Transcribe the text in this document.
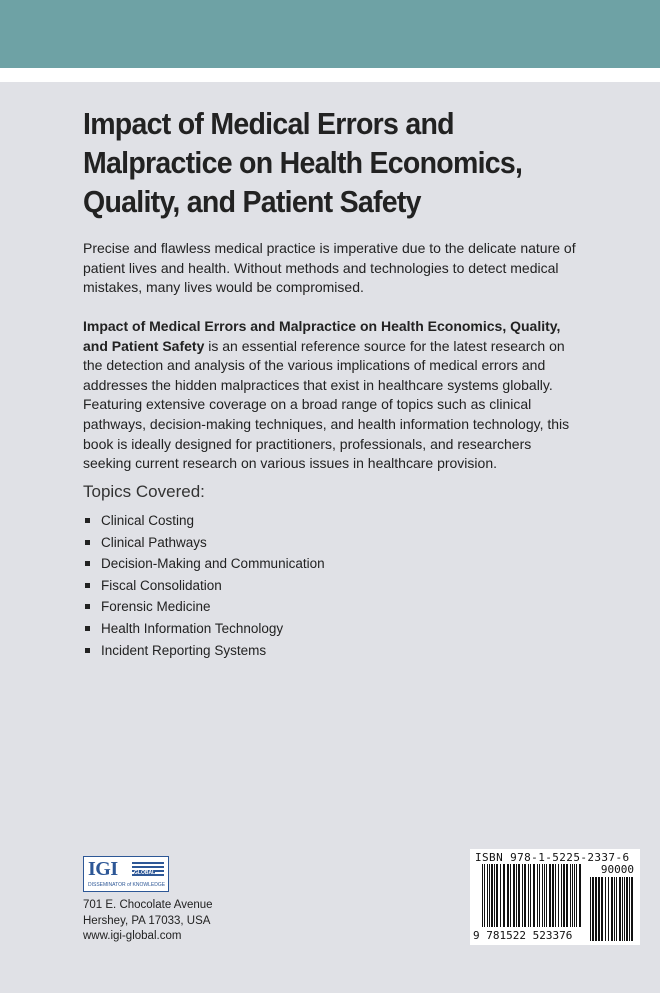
Impact of Medical Errors and Malpractice on Health Economics, Quality, and Patient Safety

Precise and flawless medical practice is imperative due to the delicate nature of patient lives and health. Without methods and technologies to detect medical mistakes, many lives would be compromised.

Impact of Medical Errors and Malpractice on Health Economics, Quality, and Patient Safety is an essential reference source for the latest research on the detection and analysis of the various implications of medical errors and addresses the hidden malpractices that exist in healthcare systems globally. Featuring extensive coverage on a broad range of topics such as clinical pathways, decision-making techniques, and health information technology, this book is ideally designed for practitioners, professionals, and researchers seeking current research on various issues in healthcare provision.

Topics Covered:
Clinical Costing
Clinical Pathways
Decision-Making and Communication
Fiscal Consolidation
Forensic Medicine
Health Information Technology
Incident Reporting Systems
IGI	GLOBAL
DISSEMINATOR of KNOWLEDGE
701 E. Chocolate Avenue
Hershey, PA 17033, USA
www.igi-global.com
ISBN 978-1-5225-2337-6
90000
9 781522 523376
